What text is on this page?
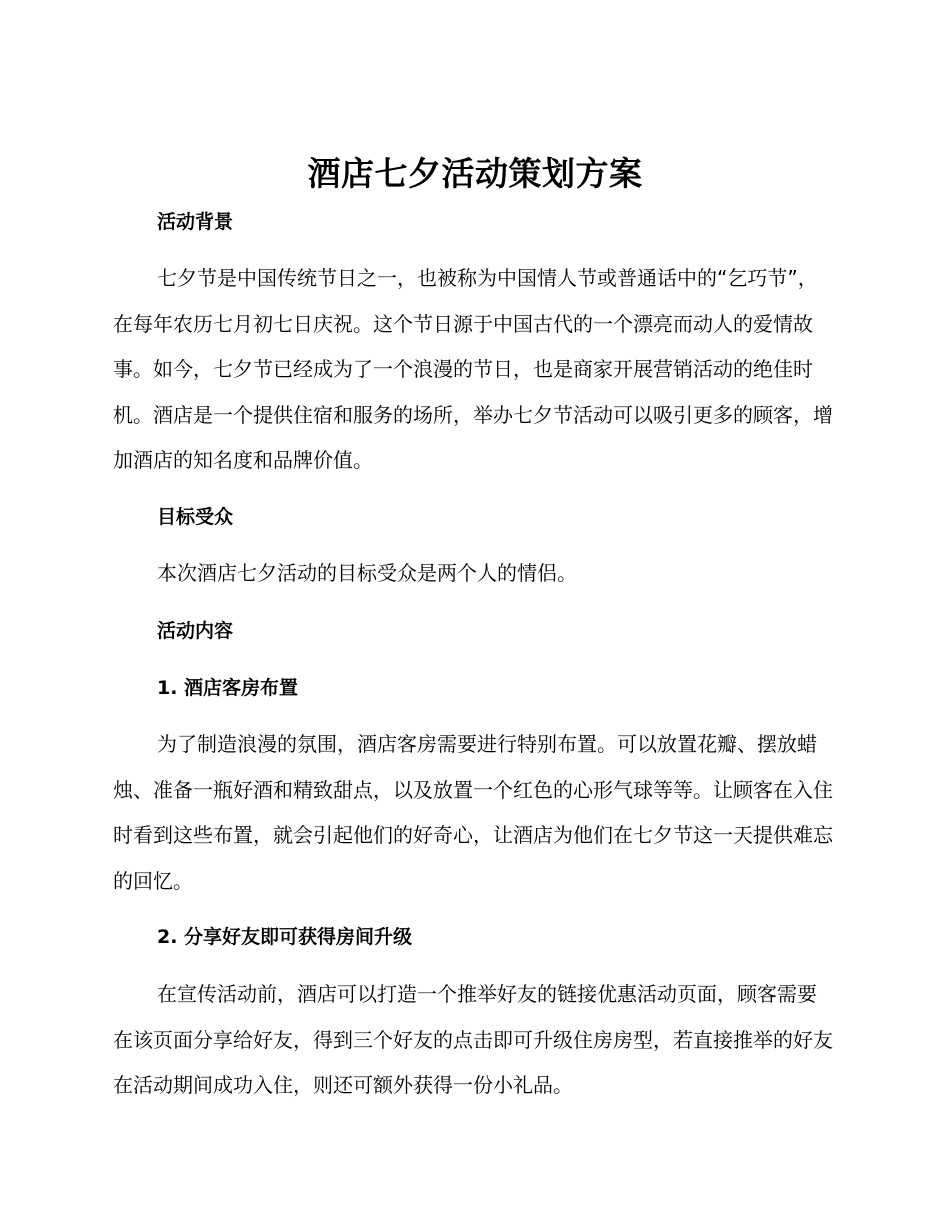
酒店七夕活动策划方案
活动背景

七夕节是中国传统节日之一，也被称为中国情人节或普通话中的“乞巧节”，在每年农历七月初七日庆祝。这个节日源于中国古代的一个漂亮而动人的爱情故事。如今，七夕节已经成为了一个浪漫的节日，也是商家开展营销活动的绝佳时机。酒店是一个提供住宿和服务的场所，举办七夕节活动可以吸引更多的顾客，增加酒店的知名度和品牌价值。

目标受众

本次酒店七夕活动的目标受众是两个人的情侣。

活动内容
1. 酒店客房布置

为了制造浪漫的氛围，酒店客房需要进行特别布置。可以放置花瓣、摆放蜡烛、准备一瓶好酒和精致甜点，以及放置一个红色的心形气球等等。让顾客在入住时看到这些布置，就会引起他们的好奇心，让酒店为他们在七夕节这一天提供难忘的回忆。

2. 分享好友即可获得房间升级

在宣传活动前，酒店可以打造一个推举好友的链接优惠活动页面，顾客需要在该页面分享给好友，得到三个好友的点击即可升级住房房型，若直接推举的好友在活动期间成功入住，则还可额外获得一份小礼品。
